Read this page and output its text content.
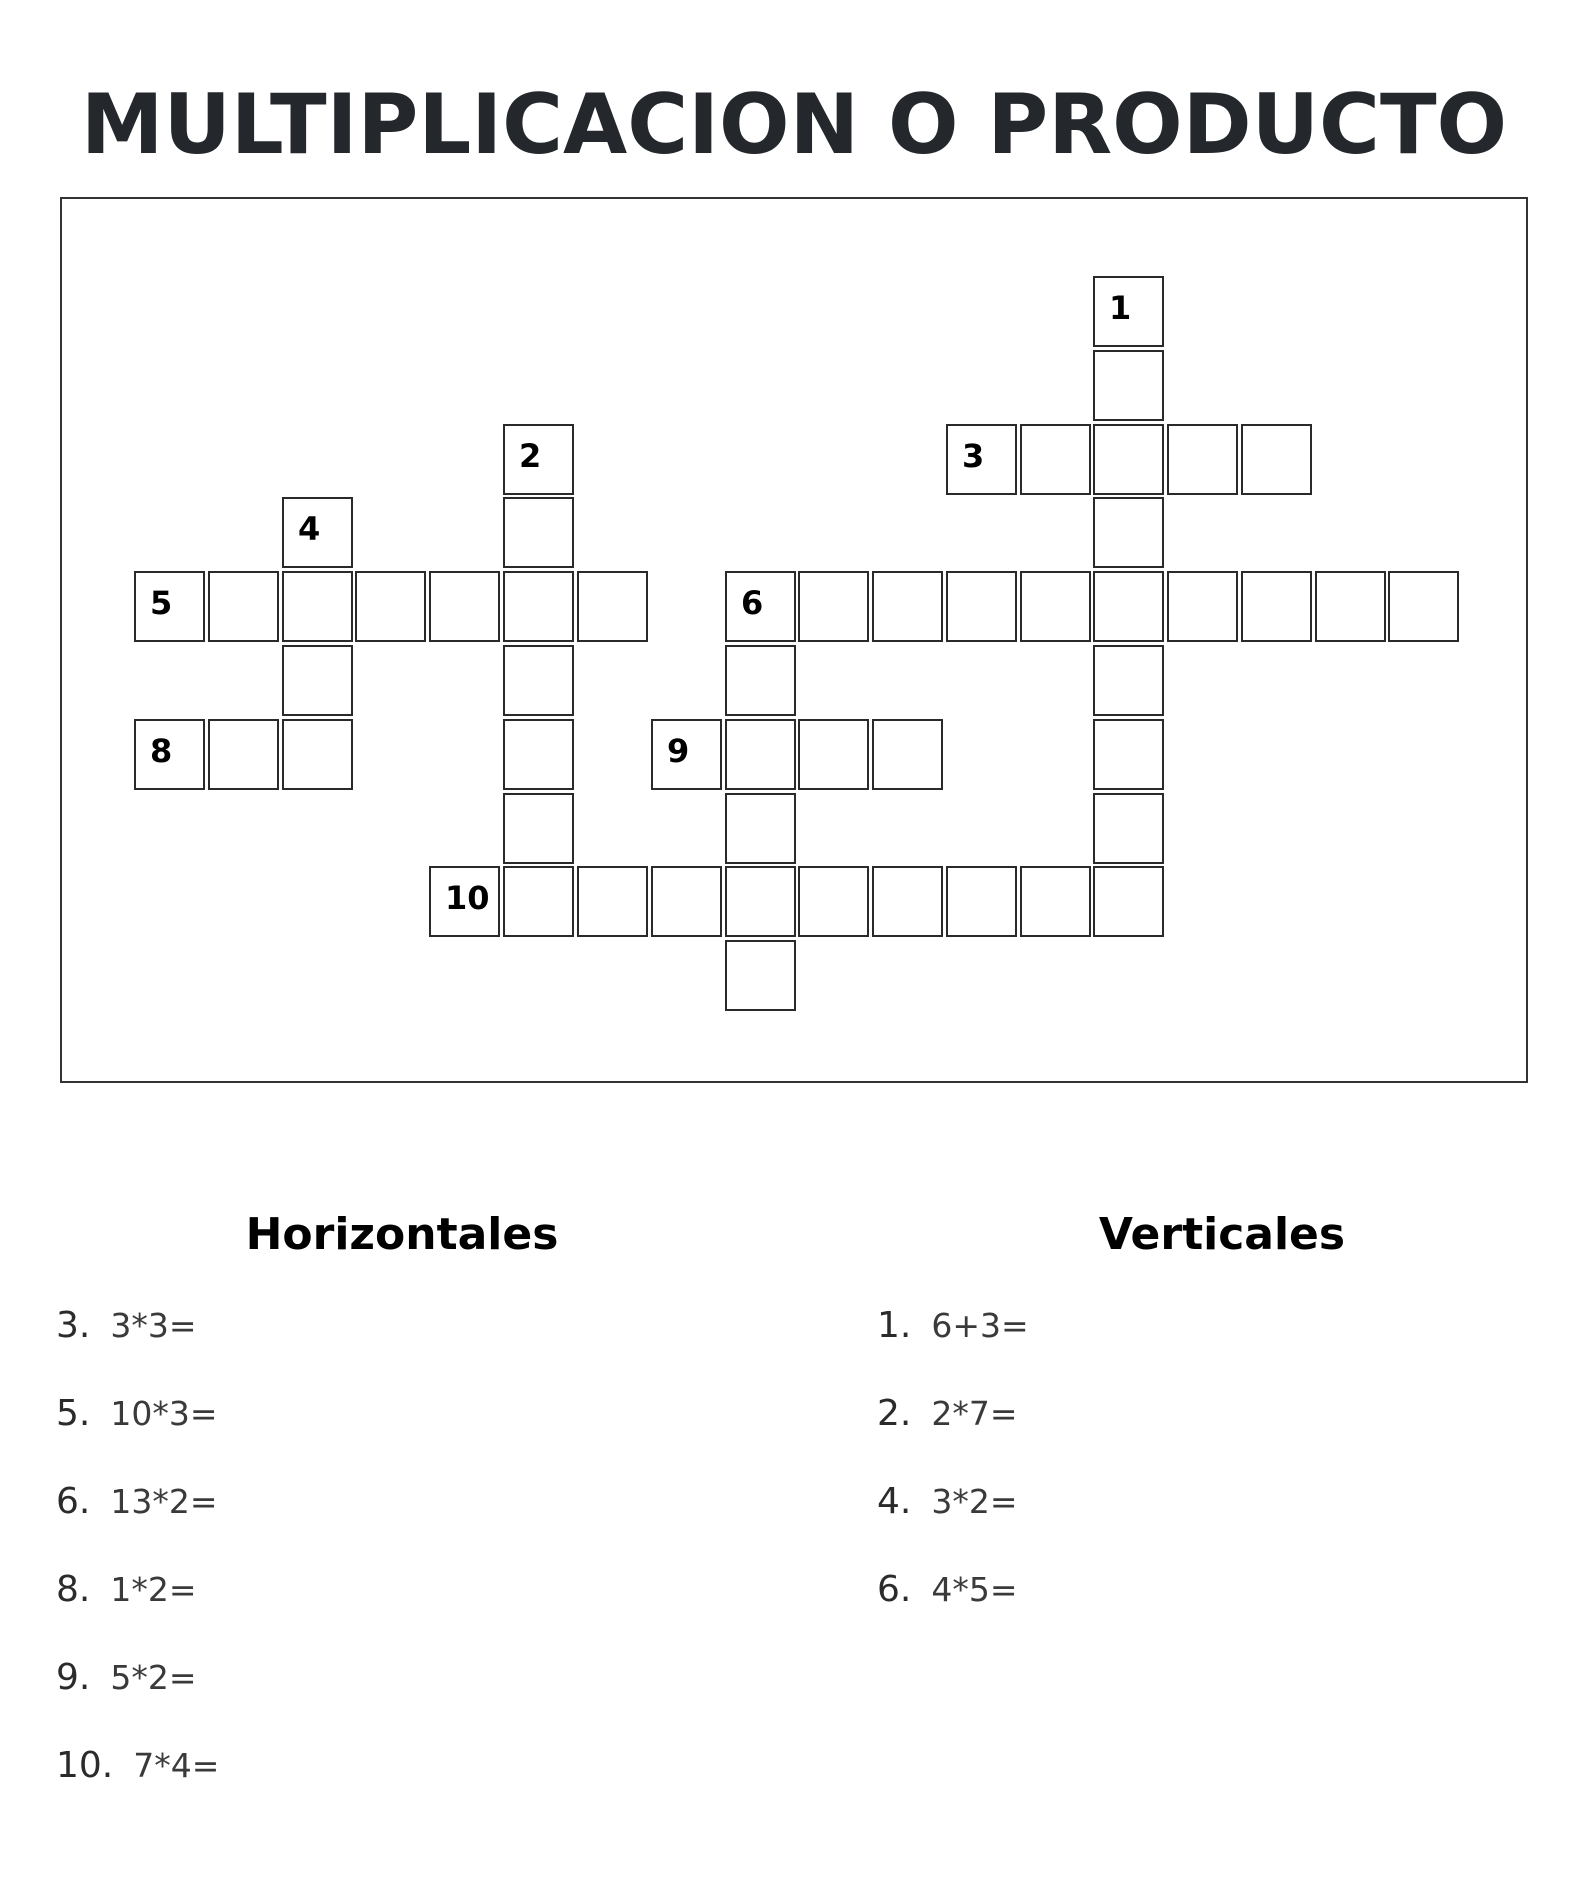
MULTIPLICACION O PRODUCTO
1
3
2
4
5	6
8	9
10
Horizontales	Verticales
3. 3*3=
5. 10*3=
6. 13*2=
8. 1*2=
9. 5*2=
10. 7*4=
1. 6+3=
2. 2*7=
4. 3*2=
6. 4*5=
